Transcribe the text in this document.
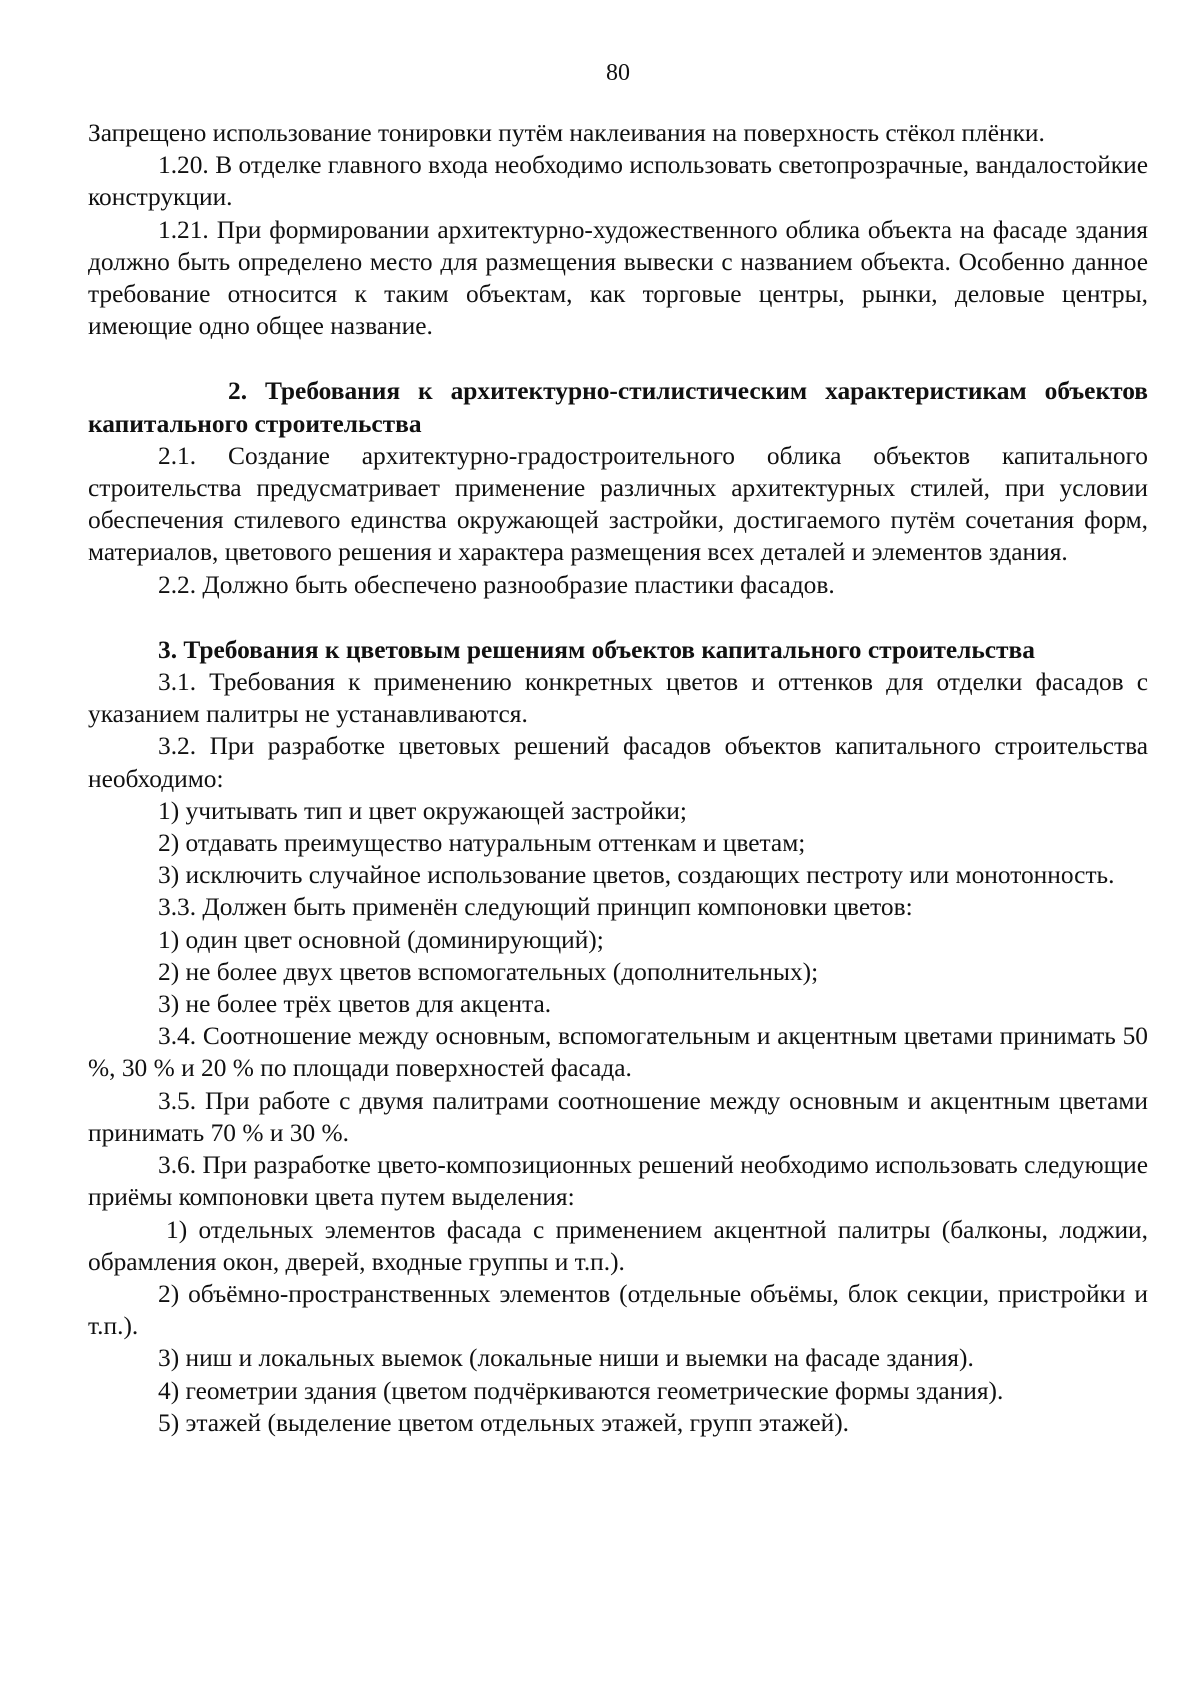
80

Запрещено использование тонировки путём наклеивания на поверхность стёкол плёнки.

1.20. В отделке главного входа необходимо использовать светопрозрачные, вандалостойкие конструкции.

1.21. При формировании архитектурно-художественного облика объекта на фасаде здания должно быть определено место для размещения вывески с названием объекта. Особенно данное требование относится к таким объектам, как торговые центры, рынки, деловые центры, имеющие одно общее название.

2. Требования к архитектурно-стилистическим характеристикам объектов капитального строительства

2.1. Создание архитектурно-градостроительного облика объектов капитального строительства предусматривает применение различных архитектурных стилей, при условии обеспечения стилевого единства окружающей застройки, достигаемого путём сочетания форм, материалов, цветового решения и характера размещения всех деталей и элементов здания.

2.2. Должно быть обеспечено разнообразие пластики фасадов.

3. Требования к цветовым решениям объектов капитального строительства

3.1. Требования к применению конкретных цветов и оттенков для отделки фасадов с указанием палитры не устанавливаются.

3.2. При разработке цветовых решений фасадов объектов капитального строительства необходимо:

1) учитывать тип и цвет окружающей застройки;

2) отдавать преимущество натуральным оттенкам и цветам;

3) исключить случайное использование цветов, создающих пестроту или монотонность.

3.3. Должен быть применён следующий принцип компоновки цветов:

1) один цвет основной (доминирующий);

2) не более двух цветов вспомогательных (дополнительных);

3) не более трёх цветов для акцента.

3.4. Соотношение между основным, вспомогательным и акцентным цветами принимать 50 %, 30 % и 20 % по площади поверхностей фасада.

3.5. При работе с двумя палитрами соотношение между основным и акцентным цветами принимать 70 % и 30 %.

3.6. При разработке цвето-композиционных решений необходимо использовать следующие приёмы компоновки цвета путем выделения:

1) отдельных элементов фасада с применением акцентной палитры (балконы, лоджии, обрамления окон, дверей, входные группы и т.п.).

2) объёмно-пространственных элементов (отдельные объёмы, блок секции, пристройки и т.п.).

3) ниш и локальных выемок (локальные ниши и выемки на фасаде здания).

4) геометрии здания (цветом подчёркиваются геометрические формы здания).

5) этажей (выделение цветом отдельных этажей, групп этажей).
